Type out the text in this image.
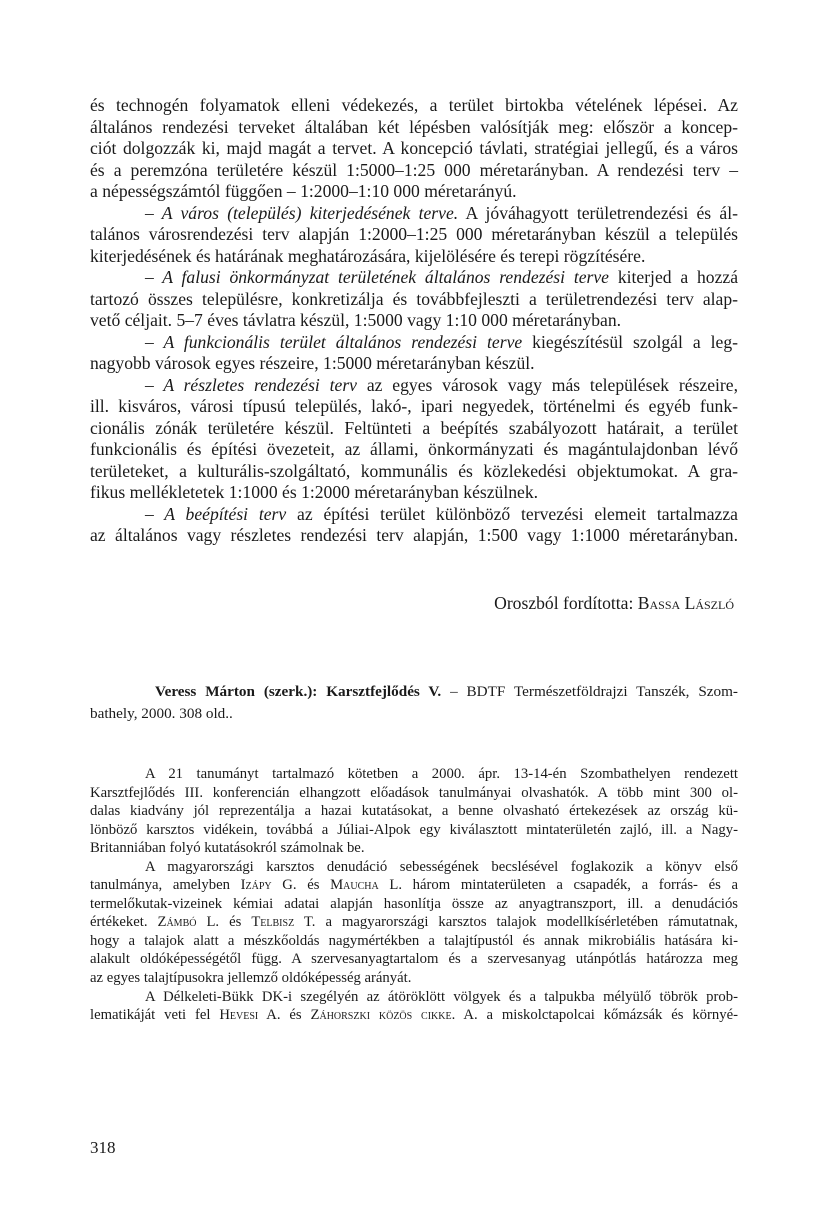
és technogén folyamatok elleni védekezés, a terület birtokba vételének lépései. Az
általános rendezési terveket általában két lépésben valósítják meg: először a koncep-
ciót dolgozzák ki, majd magát a tervet. A koncepció távlati, stratégiai jellegű, és a város
és a peremzóna területére készül 1:5000–1:25 000 méretarányban. A rendezési terv –
a népességszámtól függően – 1:2000–1:10 000 méretarányú.
– A város (település) kiterjedésének terve. A jóváhagyott területrendezési és ál-
talános városrendezési terv alapján 1:2000–1:25 000 méretarányban készül a település
kiterjedésének és határának meghatározására, kijelölésére és terepi rögzítésére.
– A falusi önkormányzat területének általános rendezési terve kiterjed a hozzá
tartozó összes településre, konkretizálja és továbbfejleszti a területrendezési terv alap-
vető céljait. 5–7 éves távlatra készül, 1:5000 vagy 1:10 000 méretarányban.
– A funkcionális terület általános rendezési terve kiegészítésül szolgál a leg-
nagyobb városok egyes részeire, 1:5000 méretarányban készül.
– A részletes rendezési terv az egyes városok vagy más települések részeire,
ill. kisváros, városi típusú település, lakó-, ipari negyedek, történelmi és egyéb funk-
cionális zónák területére készül. Feltünteti a beépítés szabályozott határait, a terület
funkcionális és építési övezeteit, az állami, önkormányzati és magántulajdonban lévő
területeket, a kulturális-szolgáltató, kommunális és közlekedési objektumokat. A gra-
fikus mellékletetek 1:1000 és 1:2000 méretarányban készülnek.
– A beépítési terv az építési terület különböző tervezési elemeit tartalmazza
az általános vagy részletes rendezési terv alapján, 1:500 vagy 1:1000 méretarányban.
Oroszból fordította: Bassa László
Veress Márton (szerk.): Karsztfejlődés V. – BDTF Természetföldrajzi Tanszék, Szom-
bathely, 2000. 308 old..
A 21 tanumányt tartalmazó kötetben a 2000. ápr. 13-14-én Szombathelyen rendezett
Karsztfejlődés III. konferencián elhangzott előadások tanulmányai olvashatók. A több mint 300 ol-
dalas kiadvány jól reprezentálja a hazai kutatásokat, a benne olvasható értekezések az ország kü-
lönböző karsztos vidékein, továbbá a Júliai-Alpok egy kiválasztott mintaterületén zajló, ill. a Nagy-
Britanniában folyó kutatásokról számolnak be.
A magyarországi karsztos denudáció sebességének becslésével foglakozik a könyv első
tanulmánya, amelyben Izápy G. és Maucha L. három mintaterületen a csapadék, a forrás- és a
termelőkutak-vizeinek kémiai adatai alapján hasonlítja össze az anyagtranszport, ill. a denudációs
értékeket. Zámbó L. és Telbisz T. a magyarországi karsztos talajok modellkísérletében rámutatnak,
hogy a talajok alatt a mészkőoldás nagymértékben a talajtípustól és annak mikrobiális hatására ki-
alakult oldóképességétől függ. A szervesanyagtartalom és a szervesanyag utánpótlás határozza meg
az egyes talajtípusokra jellemző oldóképesség arányát.
A Délkeleti-Bükk DK-i szegélyén az átöröklött völgyek és a talpukba mélyülő töbrök prob-
lematikáját veti fel Hevesi A. és Záhorszki közös cikke. A. a miskolctapolcai kőmázsák és környé-
318
